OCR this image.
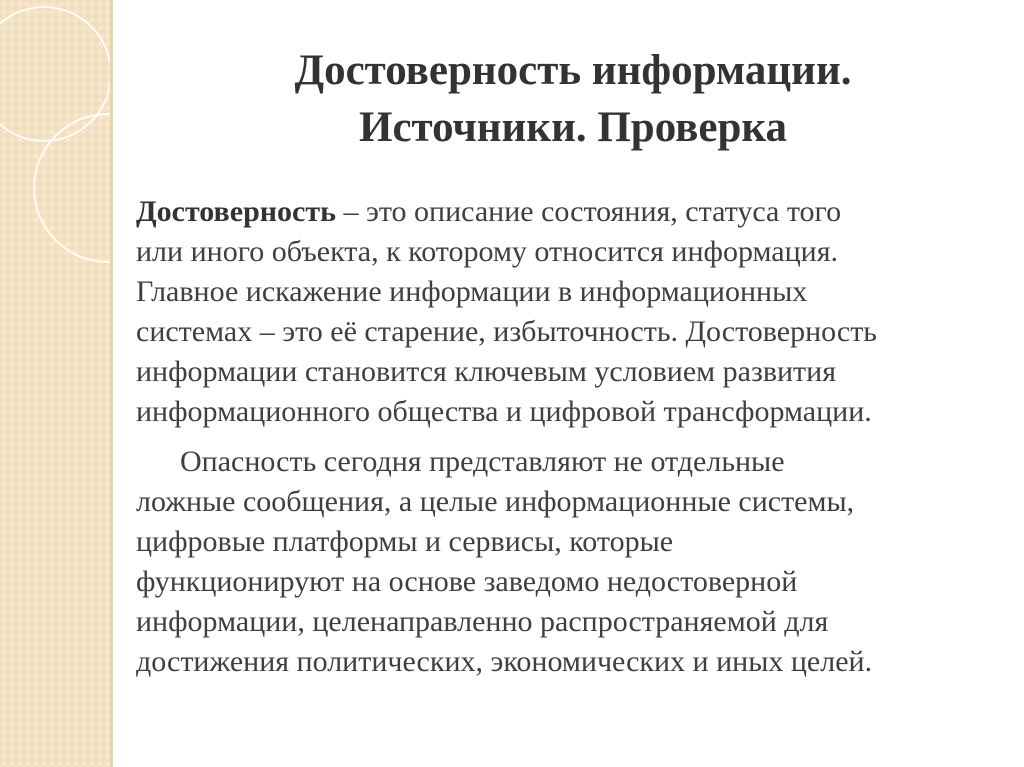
Достоверность информации.
Источники. Проверка

Достоверность – это описание состояния, статуса того
или иного объекта, к которому относится информация.
Главное искажение информации в информационных
системах – это её старение, избыточность. Достоверность
информации становится ключевым условием развития
информационного общества и цифровой трансформации.

Опасность сегодня представляют не отдельные
ложные сообщения, а целые информационные системы,
цифровые платформы и сервисы, которые
функционируют на основе заведомо недостоверной
информации, целенаправленно распространяемой для
достижения политических, экономических и иных целей.
